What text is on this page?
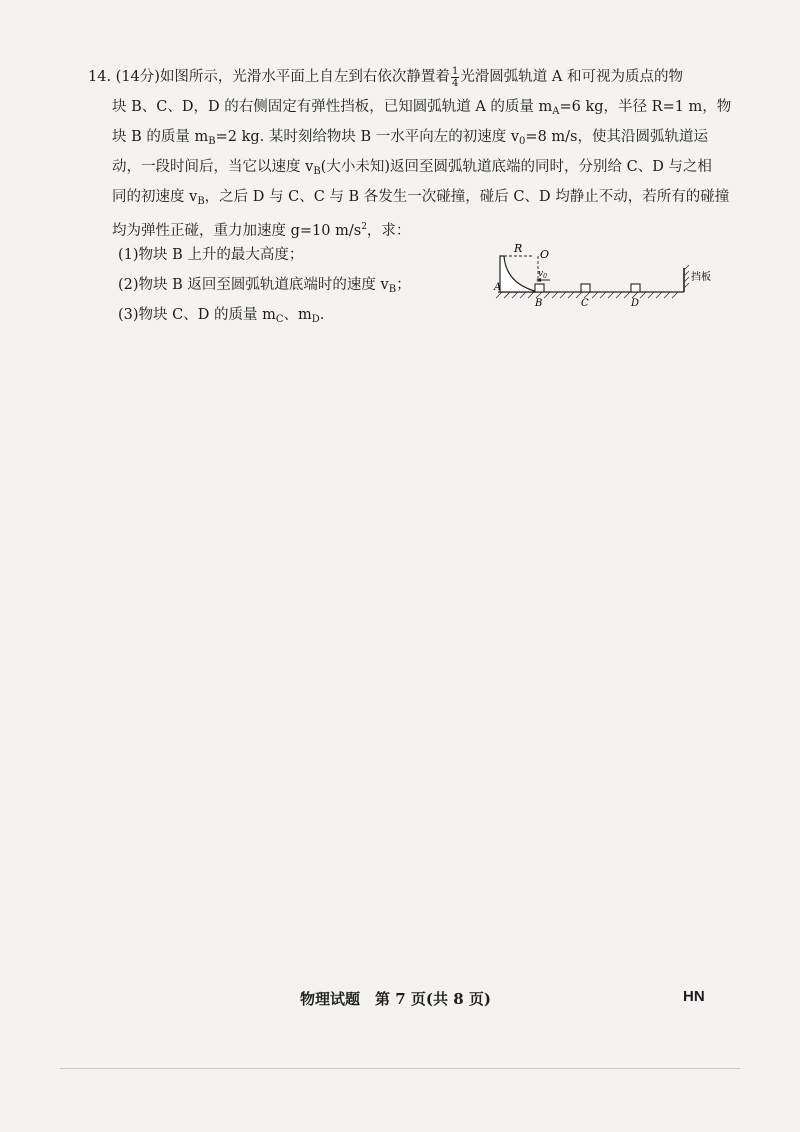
14. (14分)如图所示，光滑水平面上自左到右依次静置着 $\frac{1}{4}$ 光滑圆弧轨道 A 和可视为质点的物
块 B、C、D，D 的右侧固定有弹性挡板，已知圆弧轨道 A 的质量 $m_A=6$ kg，半径 R=1 m，物
块 B 的质量 $m_B=2$ kg. 某时刻给物块 B 一水平向左的初速度 $v_0=8$ m/s，使其沿圆弧轨道运
动，一段时间后，当它以速度 $v_B$(大小未知)返回至圆弧轨道底端的同时，分别给 C、D 与之相
同的初速度 $v_B$，之后 D 与 C、C 与 B 各发生一次碰撞，碰后 C、D 均静止不动，若所有的碰撞
均为弹性正碰，重力加速度 g=10 $m/s^2$，求：
(1)物块 B 上升的最大高度；
(2)物块 B 返回至圆弧轨道底端时的速度 $v_B$；
(3)物块 C、D 的质量 $m_C$、$m_D$.
R O
A
B
$v_0$
C	D
挡板
物理试题　第 7 页(共 8 页)	HN
